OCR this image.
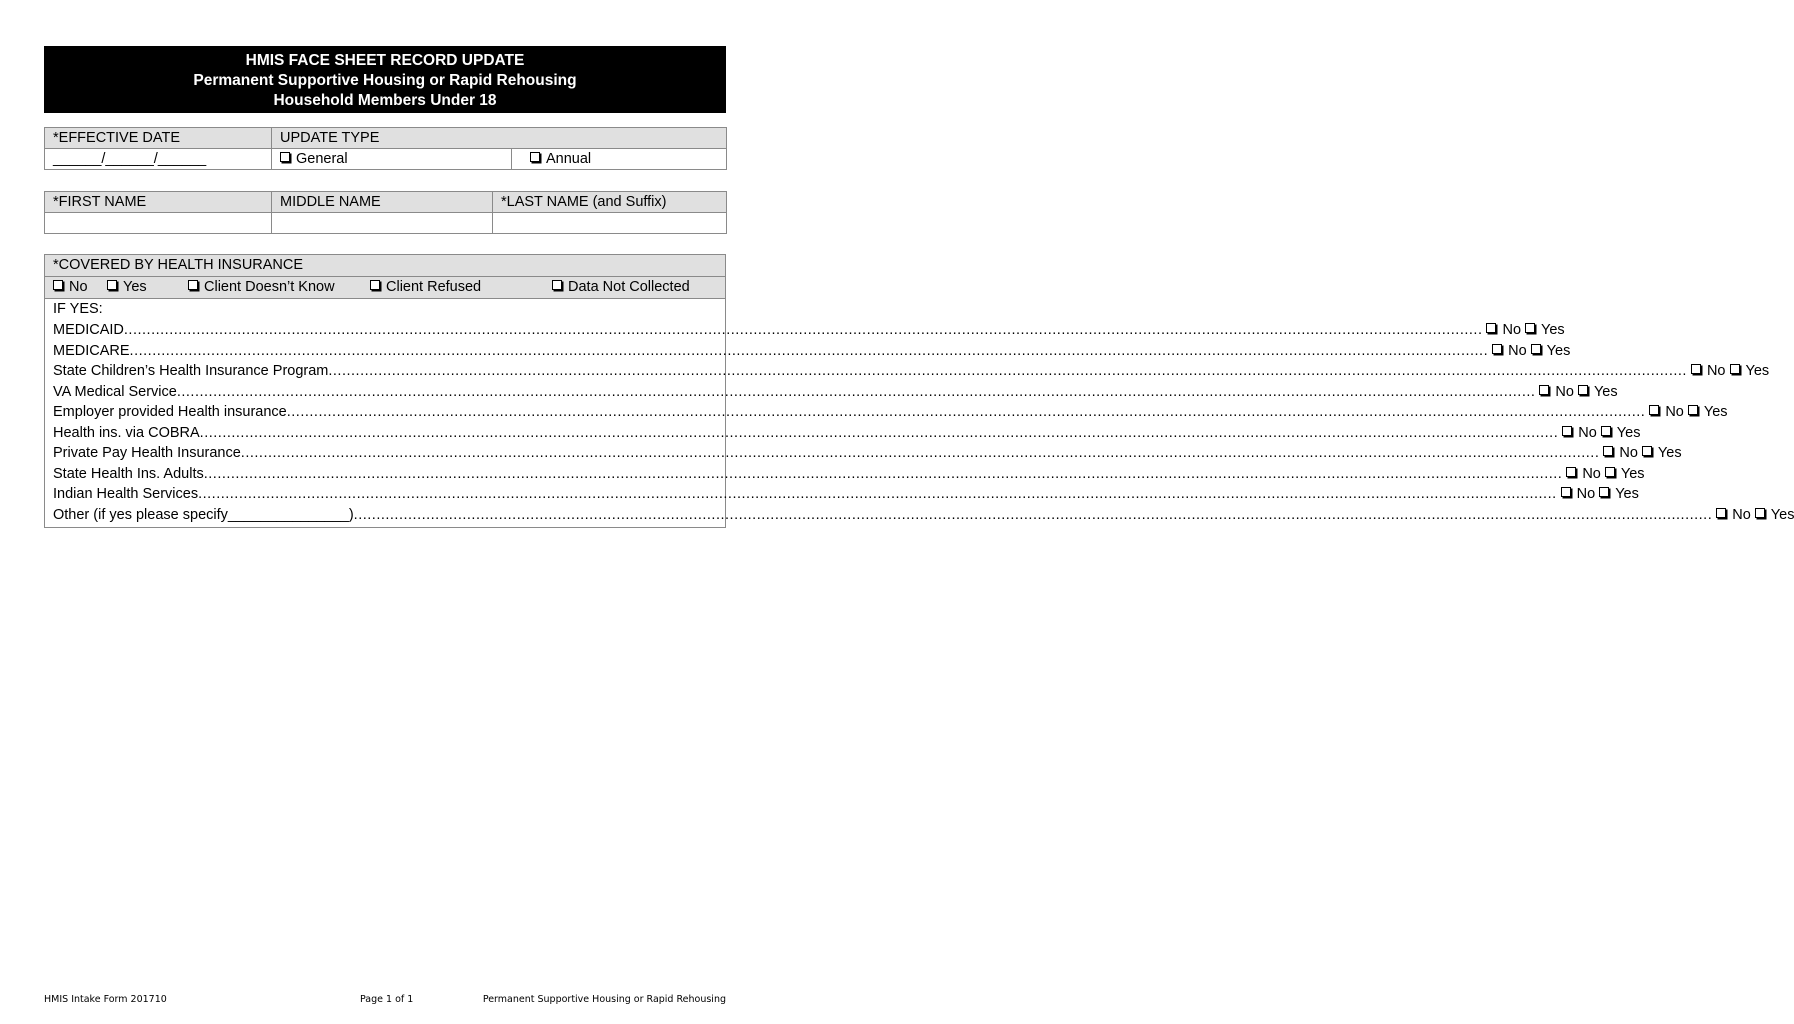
HMIS FACE SHEET RECORD UPDATE
Permanent Supportive Housing or Rapid Rehousing
Household Members Under 18
*EFFECTIVE DATE	UPDATE TYPE	
______/______/______	General	Annual
*FIRST NAME	MIDDLE NAME	*LAST NAME (and Suffix)

*COVERED BY HEALTH INSURANCE
No	Yes	Client Doesn’t Know	Client Refused	Data Not Collected
IF YES:
MEDICAID ............................................................................................................................................................................................................................................................................................................	No Yes
MEDICARE ............................................................................................................................................................................................................................................................................................................	No Yes
State Children’s Health Insurance Program ............................................................................................................................................................................................................................................................................................................	No Yes
VA Medical Service ............................................................................................................................................................................................................................................................................................................	No Yes
Employer provided Health insurance ............................................................................................................................................................................................................................................................................................................	No Yes
Health ins. via COBRA ............................................................................................................................................................................................................................................................................................................	No Yes
Private Pay Health Insurance ............................................................................................................................................................................................................................................................................................................	No Yes
State Health Ins. Adults ............................................................................................................................................................................................................................................................................................................	No Yes
Indian Health Services ............................................................................................................................................................................................................................................................................................................	No Yes
Other (if yes please specify_______________) ............................................................................................................................................................................................................................................................................................................	No Yes
HMIS Intake Form 201710	Page 1 of 1	Permanent Supportive Housing or Rapid Rehousing
